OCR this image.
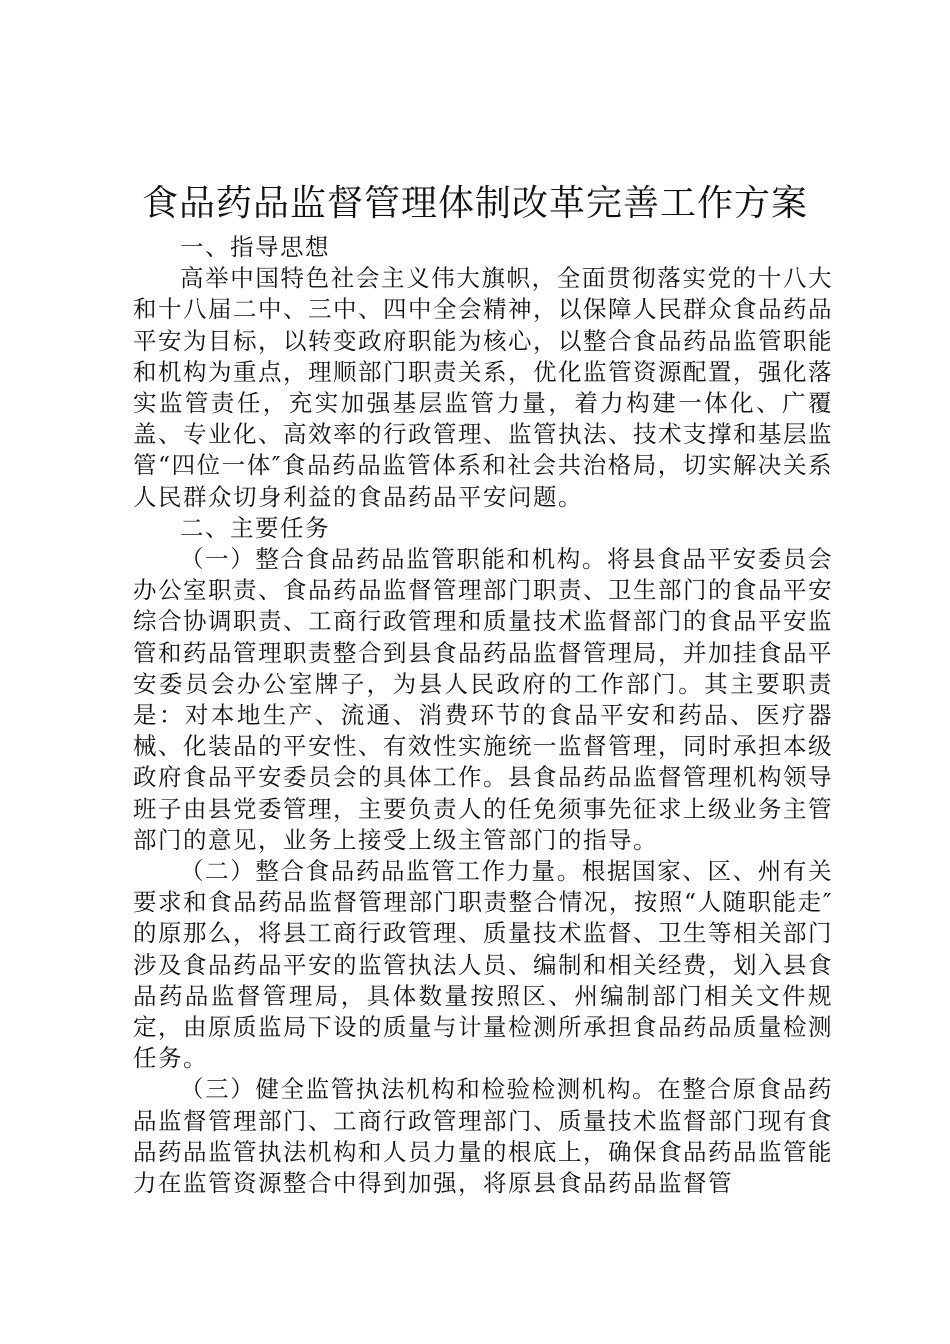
食品药品监督管理体制改革完善工作方案

一、指导思想

高举中国特色社会主义伟大旗帜，全面贯彻落实党的十八大和十八届二中、三中、四中全会精神，以保障人民群众食品药品平安为目标，以转变政府职能为核心，以整合食品药品监管职能和机构为重点，理顺部门职责关系，优化监管资源配置，强化落实监管责任，充实加强基层监管力量，着力构建一体化、广覆盖、专业化、高效率的行政管理、监管执法、技术支撑和基层监管“四位一体″食品药品监管体系和社会共治格局，切实解决关系人民群众切身利益的食品药品平安问题。

二、主要任务

（一）整合食品药品监管职能和机构。将县食品平安委员会办公室职责、食品药品监督管理部门职责、卫生部门的食品平安综合协调职责、工商行政管理和质量技术监督部门的食品平安监管和药品管理职责整合到县食品药品监督管理局，并加挂食品平安委员会办公室牌子，为县人民政府的工作部门。其主要职责是：对本地生产、流通、消费环节的食品平安和药品、医疗器械、化装品的平安性、有效性实施统一监督管理，同时承担本级政府食品平安委员会的具体工作。县食品药品监督管理机构领导班子由县党委管理，主要负责人的任免须事先征求上级业务主管部门的意见，业务上接受上级主管部门的指导。

（二）整合食品药品监管工作力量。根据国家、区、州有关要求和食品药品监督管理部门职责整合情况，按照“人随职能走″的原那么，将县工商行政管理、质量技术监督、卫生等相关部门涉及食品药品平安的监管执法人员、编制和相关经费，划入县食品药品监督管理局，具体数量按照区、州编制部门相关文件规定，由原质监局下设的质量与计量检测所承担食品药品质量检测任务。

（三）健全监管执法机构和检验检测机构。在整合原食品药品监督管理部门、工商行政管理部门、质量技术监督部门现有食品药品监管执法机构和人员力量的根底上，确保食品药品监管能力在监管资源整合中得到加强，将原县食品药品监督管
